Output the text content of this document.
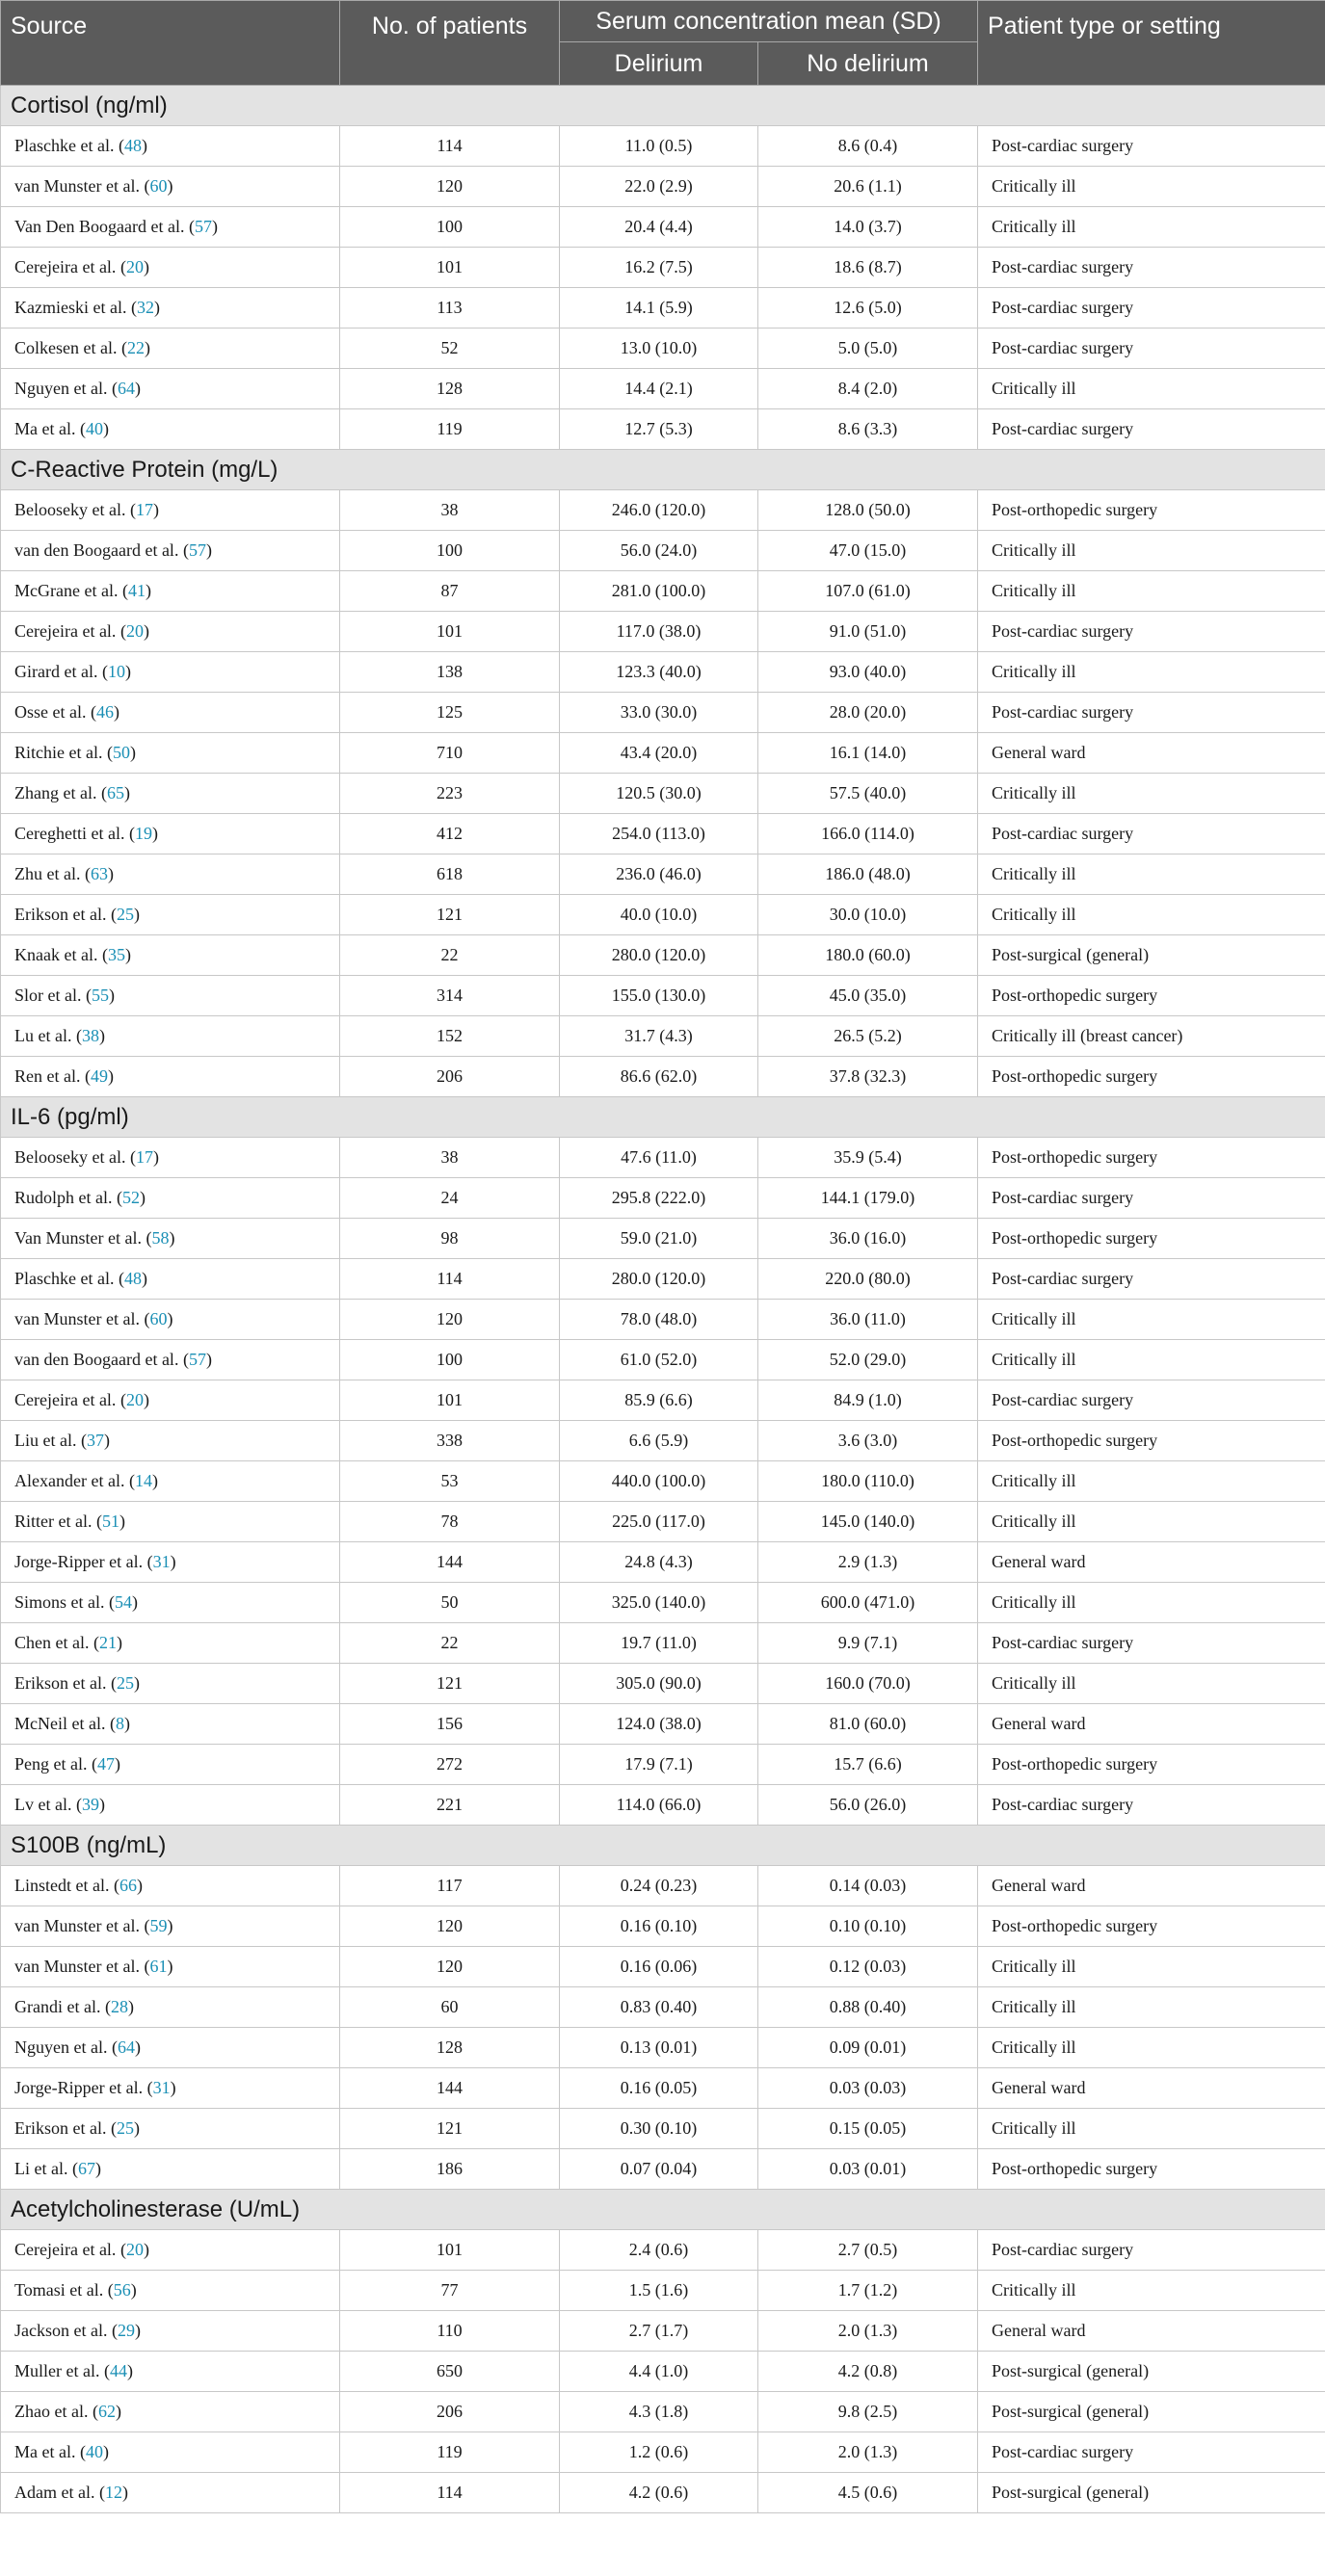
Source	No. of patients	Serum concentration mean (SD)		Patient type or setting
		Delirium	No delirium	
Cortisol (ng/ml)				
Plaschke et al. (48)	114	11.0 (0.5)	8.6 (0.4)	Post-cardiac surgery
van Munster et al. (60)	120	22.0 (2.9)	20.6 (1.1)	Critically ill
Van Den Boogaard et al. (57)	100	20.4 (4.4)	14.0 (3.7)	Critically ill
Cerejeira et al. (20)	101	16.2 (7.5)	18.6 (8.7)	Post-cardiac surgery
Kazmieski et al. (32)	113	14.1 (5.9)	12.6 (5.0)	Post-cardiac surgery
Colkesen et al. (22)	52	13.0 (10.0)	5.0 (5.0)	Post-cardiac surgery
Nguyen et al. (64)	128	14.4 (2.1)	8.4 (2.0)	Critically ill
Ma et al. (40)	119	12.7 (5.3)	8.6 (3.3)	Post-cardiac surgery
C-Reactive Protein (mg/L)				
Belooseky et al. (17)	38	246.0 (120.0)	128.0 (50.0)	Post-orthopedic surgery
van den Boogaard et al. (57)	100	56.0 (24.0)	47.0 (15.0)	Critically ill
McGrane et al. (41)	87	281.0 (100.0)	107.0 (61.0)	Critically ill
Cerejeira et al. (20)	101	117.0 (38.0)	91.0 (51.0)	Post-cardiac surgery
Girard et al. (10)	138	123.3 (40.0)	93.0 (40.0)	Critically ill
Osse et al. (46)	125	33.0 (30.0)	28.0 (20.0)	Post-cardiac surgery
Ritchie et al. (50)	710	43.4 (20.0)	16.1 (14.0)	General ward
Zhang et al. (65)	223	120.5 (30.0)	57.5 (40.0)	Critically ill
Cereghetti et al. (19)	412	254.0 (113.0)	166.0 (114.0)	Post-cardiac surgery
Zhu et al. (63)	618	236.0 (46.0)	186.0 (48.0)	Critically ill
Erikson et al. (25)	121	40.0 (10.0)	30.0 (10.0)	Critically ill
Knaak et al. (35)	22	280.0 (120.0)	180.0 (60.0)	Post-surgical (general)
Slor et al. (55)	314	155.0 (130.0)	45.0 (35.0)	Post-orthopedic surgery
Lu et al. (38)	152	31.7 (4.3)	26.5 (5.2)	Critically ill (breast cancer)
Ren et al. (49)	206	86.6 (62.0)	37.8 (32.3)	Post-orthopedic surgery
IL-6 (pg/ml)				
Belooseky et al. (17)	38	47.6 (11.0)	35.9 (5.4)	Post-orthopedic surgery
Rudolph et al. (52)	24	295.8 (222.0)	144.1 (179.0)	Post-cardiac surgery
Van Munster et al. (58)	98	59.0 (21.0)	36.0 (16.0)	Post-orthopedic surgery
Plaschke et al. (48)	114	280.0 (120.0)	220.0 (80.0)	Post-cardiac surgery
van Munster et al. (60)	120	78.0 (48.0)	36.0 (11.0)	Critically ill
van den Boogaard et al. (57)	100	61.0 (52.0)	52.0 (29.0)	Critically ill
Cerejeira et al. (20)	101	85.9 (6.6)	84.9 (1.0)	Post-cardiac surgery
Liu et al. (37)	338	6.6 (5.9)	3.6 (3.0)	Post-orthopedic surgery
Alexander et al. (14)	53	440.0 (100.0)	180.0 (110.0)	Critically ill
Ritter et al. (51)	78	225.0 (117.0)	145.0 (140.0)	Critically ill
Jorge-Ripper et al. (31)	144	24.8 (4.3)	2.9 (1.3)	General ward
Simons et al. (54)	50	325.0 (140.0)	600.0 (471.0)	Critically ill
Chen et al. (21)	22	19.7 (11.0)	9.9 (7.1)	Post-cardiac surgery
Erikson et al. (25)	121	305.0 (90.0)	160.0 (70.0)	Critically ill
McNeil et al. (8)	156	124.0 (38.0)	81.0 (60.0)	General ward
Peng et al. (47)	272	17.9 (7.1)	15.7 (6.6)	Post-orthopedic surgery
Lv et al. (39)	221	114.0 (66.0)	56.0 (26.0)	Post-cardiac surgery
S100B (ng/mL)				
Linstedt et al. (66)	117	0.24 (0.23)	0.14 (0.03)	General ward
van Munster et al. (59)	120	0.16 (0.10)	0.10 (0.10)	Post-orthopedic surgery
van Munster et al. (61)	120	0.16 (0.06)	0.12 (0.03)	Critically ill
Grandi et al. (28)	60	0.83 (0.40)	0.88 (0.40)	Critically ill
Nguyen et al. (64)	128	0.13 (0.01)	0.09 (0.01)	Critically ill
Jorge-Ripper et al. (31)	144	0.16 (0.05)	0.03 (0.03)	General ward
Erikson et al. (25)	121	0.30 (0.10)	0.15 (0.05)	Critically ill
Li et al. (67)	186	0.07 (0.04)	0.03 (0.01)	Post-orthopedic surgery
Acetylcholinesterase (U/mL)				
Cerejeira et al. (20)	101	2.4 (0.6)	2.7 (0.5)	Post-cardiac surgery
Tomasi et al. (56)	77	1.5 (1.6)	1.7 (1.2)	Critically ill
Jackson et al. (29)	110	2.7 (1.7)	2.0 (1.3)	General ward
Muller et al. (44)	650	4.4 (1.0)	4.2 (0.8)	Post-surgical (general)
Zhao et al. (62)	206	4.3 (1.8)	9.8 (2.5)	Post-surgical (general)
Ma et al. (40)	119	1.2 (0.6)	2.0 (1.3)	Post-cardiac surgery
Adam et al. (12)	114	4.2 (0.6)	4.5 (0.6)	Post-surgical (general)
